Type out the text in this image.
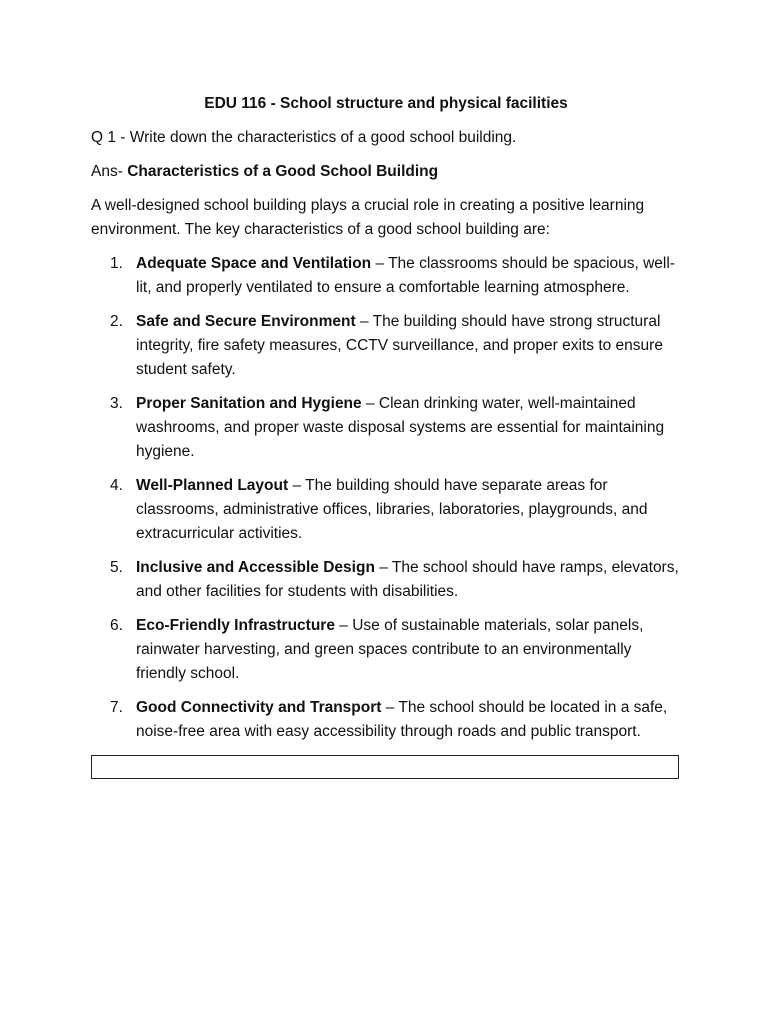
EDU 116 - School structure and physical facilities

Q 1 - Write down the characteristics of a good school building.

Ans- Characteristics of a Good School Building

A well-designed school building plays a crucial role in creating a positive learning environment. The key characteristics of a good school building are:

1. Adequate Space and Ventilation – The classrooms should be spacious, well-lit, and properly ventilated to ensure a comfortable learning atmosphere.
2. Safe and Secure Environment – The building should have strong structural integrity, fire safety measures, CCTV surveillance, and proper exits to ensure student safety.
3. Proper Sanitation and Hygiene – Clean drinking water, well-maintained washrooms, and proper waste disposal systems are essential for maintaining hygiene.
4. Well-Planned Layout – The building should have separate areas for classrooms, administrative offices, libraries, laboratories, playgrounds, and extracurricular activities.
5. Inclusive and Accessible Design – The school should have ramps, elevators, and other facilities for students with disabilities.
6. Eco-Friendly Infrastructure – Use of sustainable materials, solar panels, rainwater harvesting, and green spaces contribute to an environmentally friendly school.
7. Good Connectivity and Transport – The school should be located in a safe, noise-free area with easy accessibility through roads and public transport.
